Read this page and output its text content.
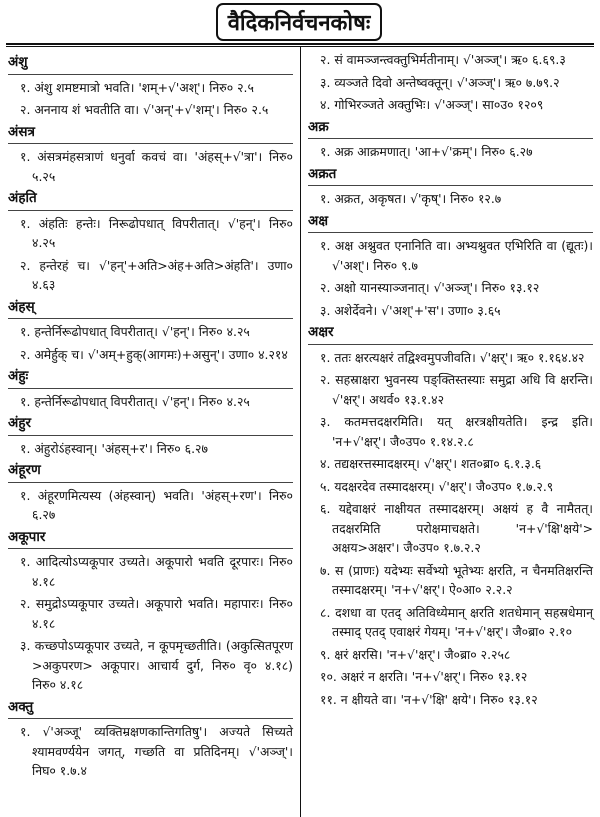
वैदिकनिर्वचनकोषः
अंशु
१. अंशु शमष्टमात्रो भवति। 'शम्+√'अश्'। निरु० २.५
२. अननाय शं भवतीति वा। √'अन्'+√'शम्'। निरु० २.५
अंसत्र
१. अंसत्रमंहसत्राणं धनुर्वा कवचं वा। 'अंहस्+√'त्रा'। निरु० ५.२५
अंहति
१. अंहतिः हन्तेः। निरूढोपधात् विपरीतात्। √'हन्'। निरु० ४.२५
२. हन्तेरहं च। √'हन्'+अति>अंह+अति>अंहति'। उणा० ४.६३
अंहस्
१. हन्तेर्निरूढोपधात् विपरीतात्। √'हन्'। निरु० ४.२५
२. अमेर्हुक् च। √'अम्+हुक्(आगमः)+असुन्'। उणा० ४.२१४
अंहुः
१. हन्तेर्निरूढोपधात् विपरीतात्। √'हन्'। निरु० ४.२५
अंहुर
१. अंहुरोऽंहस्वान्। 'अंहस्+र'। निरु० ६.२७
अंहूरण
१. अंहूरणमित्यस्य (अंहस्वान्) भवति। 'अंहस्+रण'। निरु० ६.२७
अकूपार
१. आदित्योऽप्यकूपार उच्यते। अकूपारो भवति दूरपारः। निरु० ४.१८
२. समुद्रोऽप्यकूपार उच्यते। अकूपारो भवति। महापारः। निरु० ४.१८
३. कच्छपोऽप्यकूपार उच्यते, न कूपमृच्छतीति। (अकुत्सितपूरण >अकुपरण> अकूपार। आचार्य दुर्ग, निरु० वृ० ४.१८) निरु० ४.१८
अक्तु
१. √'अञ्जू' व्यक्तिम्रक्षणकान्तिगतिषु'। अज्यते सिच्यते श्यामवर्ण्ययेन जगत्, गच्छति वा प्रतिदिनम्। √'अञ्ज्'। निघ० १.७.४
२. सं वामञ्जन्त्वक्तुभिर्मतीनाम्। √'अञ्ज्'। ऋ० ६.६९.३
३. व्यञ्जते दिवो अन्तेष्वक्तून्। √'अञ्ज्'। ऋ० ७.७९.२
४. गोभिरञ्जते अक्तुभिः। √'अञ्ज्'। सा०उ० १२०९
अक्र
१. अक्र आक्रमणात्। 'आ+√'क्रम्'। निरु० ६.२७
अक्रत
१. अक्रत, अकृषत। √'कृष्'। निरु० १२.७
अक्ष
१. अक्ष अश्नुवत एनानिति वा। अभ्यश्नुवत एभिरिति वा (द्यूतः)। √'अश्'। निरु० ९.७
२. अक्षो यानस्याञ्जनात्। √'अञ्ज्'। निरु० १३.१२
३. अशेर्देवने। √'अश्'+'स'। उणा० ३.६५
अक्षर
१. ततः क्षरत्यक्षरं तद्विश्वमुपजीवति। √'क्षर्'। ऋ० १.१६४.४२
२. सहस्राक्षरा भुवनस्य पङ्क्तिस्तस्याः समुद्रा अधि वि क्षरन्ति। √'क्षर्'। अथर्व० १३.१.४२
३. कतमत्तदक्षरमिति। यत् क्षरत्रक्षीयतेति। इन्द्र इति। 'न+√'क्षर्'। जै०उप० १.१४.२.८
४. तद्यक्षरत्तस्मादक्षरम्। √'क्षर्'। शत०ब्रा० ६.१.३.६
५. यदक्षरदेव तस्मादक्षरम्। √'क्षर्'। जै०उप० १.७.२.९
६. यद्देवाक्षरं नाक्षीयत तस्मादक्षरम्। अक्षयं ह वै नामैतत्। तदक्षरमिति परोक्षमाचक्षते। 'न+√'क्षि'क्षये'> अक्षय>अक्षर'। जै०उप० १.७.२.२
७. स (प्राणः) यदेभ्यः सर्वेभ्यो भूतेभ्यः क्षरति, न चैनमतिक्षरन्ति तस्मादक्षरम्। 'न+√'क्षर्'। ऐ०आ० २.२.२
८. दशधा वा एतद् अतिविध्येमान् क्षरति शतधेमान् सहस्रधेमान् तस्माद् एतद् एवाक्षरं गेयम्। 'न+√'क्षर्'। जै०ब्रा० २.१०
९. क्षरं क्षरसि। 'न+√'क्षर्'। जै०ब्रा० २.२५८
१०. अक्षरं न क्षरति। 'न+√'क्षर्'। निरु० १३.१२
११. न क्षीयते वा। 'न+√'क्षि' क्षये'। निरु० १३.१२
